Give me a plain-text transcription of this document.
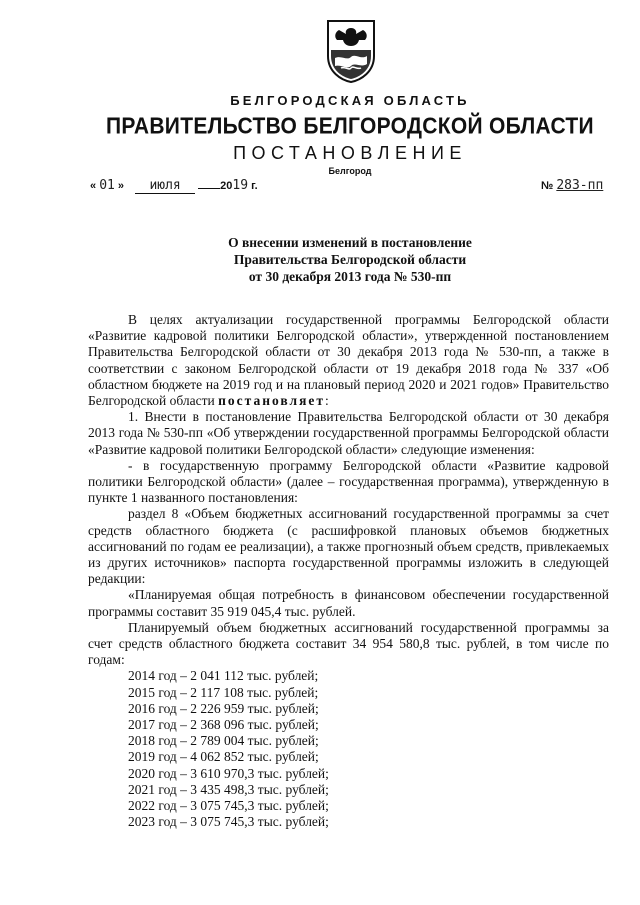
БЕЛГОРОДСКАЯ ОБЛАСТЬ
ПРАВИТЕЛЬСТВО БЕЛГОРОДСКОЙ ОБЛАСТИ
ПОСТАНОВЛЕНИЕ
Белгород
« 01 » июля	2019 г.	№ 283-пп
О внесении изменений в постановление
Правительства Белгородской области
от 30 декабря 2013 года № 530-пп

В целях актуализации государственной программы Белгородской области «Развитие кадровой политики Белгородской области», утвержденной постановлением Правительства Белгородской области от 30 декабря 2013 года № 530-пп, а также в соответствии с законом Белгородской области от 19 декабря 2018 года № 337 «Об областном бюджете на 2019 год и на плановый период 2020 и 2021 годов» Правительство Белгородской области постановляет:

1. Внести в постановление Правительства Белгородской области от 30 декабря 2013 года № 530-пп «Об утверждении государственной программы Белгородской области «Развитие кадровой политики Белгородской области» следующие изменения:

- в государственную программу Белгородской области «Развитие кадровой политики Белгородской области» (далее – государственная программа), утвержденную в пункте 1 названного постановления:

раздел 8 «Объем бюджетных ассигнований государственной программы за счет средств областного бюджета (с расшифровкой плановых объемов бюджетных ассигнований по годам ее реализации), а также прогнозный объем средств, привлекаемых из других источников» паспорта государственной программы изложить в следующей редакции:

«Планируемая общая потребность в финансовом обеспечении государственной программы составит 35 919 045,4 тыс. рублей.

Планируемый объем бюджетных ассигнований государственной программы за счет средств областного бюджета составит 34 954 580,8 тыс. рублей, в том числе по годам:

2014 год – 2 041 112 тыс. рублей;
2015 год – 2 117 108 тыс. рублей;
2016 год – 2 226 959 тыс. рублей;
2017 год – 2 368 096 тыс. рублей;
2018 год – 2 789 004 тыс. рублей;
2019 год – 4 062 852 тыс. рублей;
2020 год – 3 610 970,3 тыс. рублей;
2021 год – 3 435 498,3 тыс. рублей;
2022 год – 3 075 745,3 тыс. рублей;
2023 год – 3 075 745,3 тыс. рублей;
